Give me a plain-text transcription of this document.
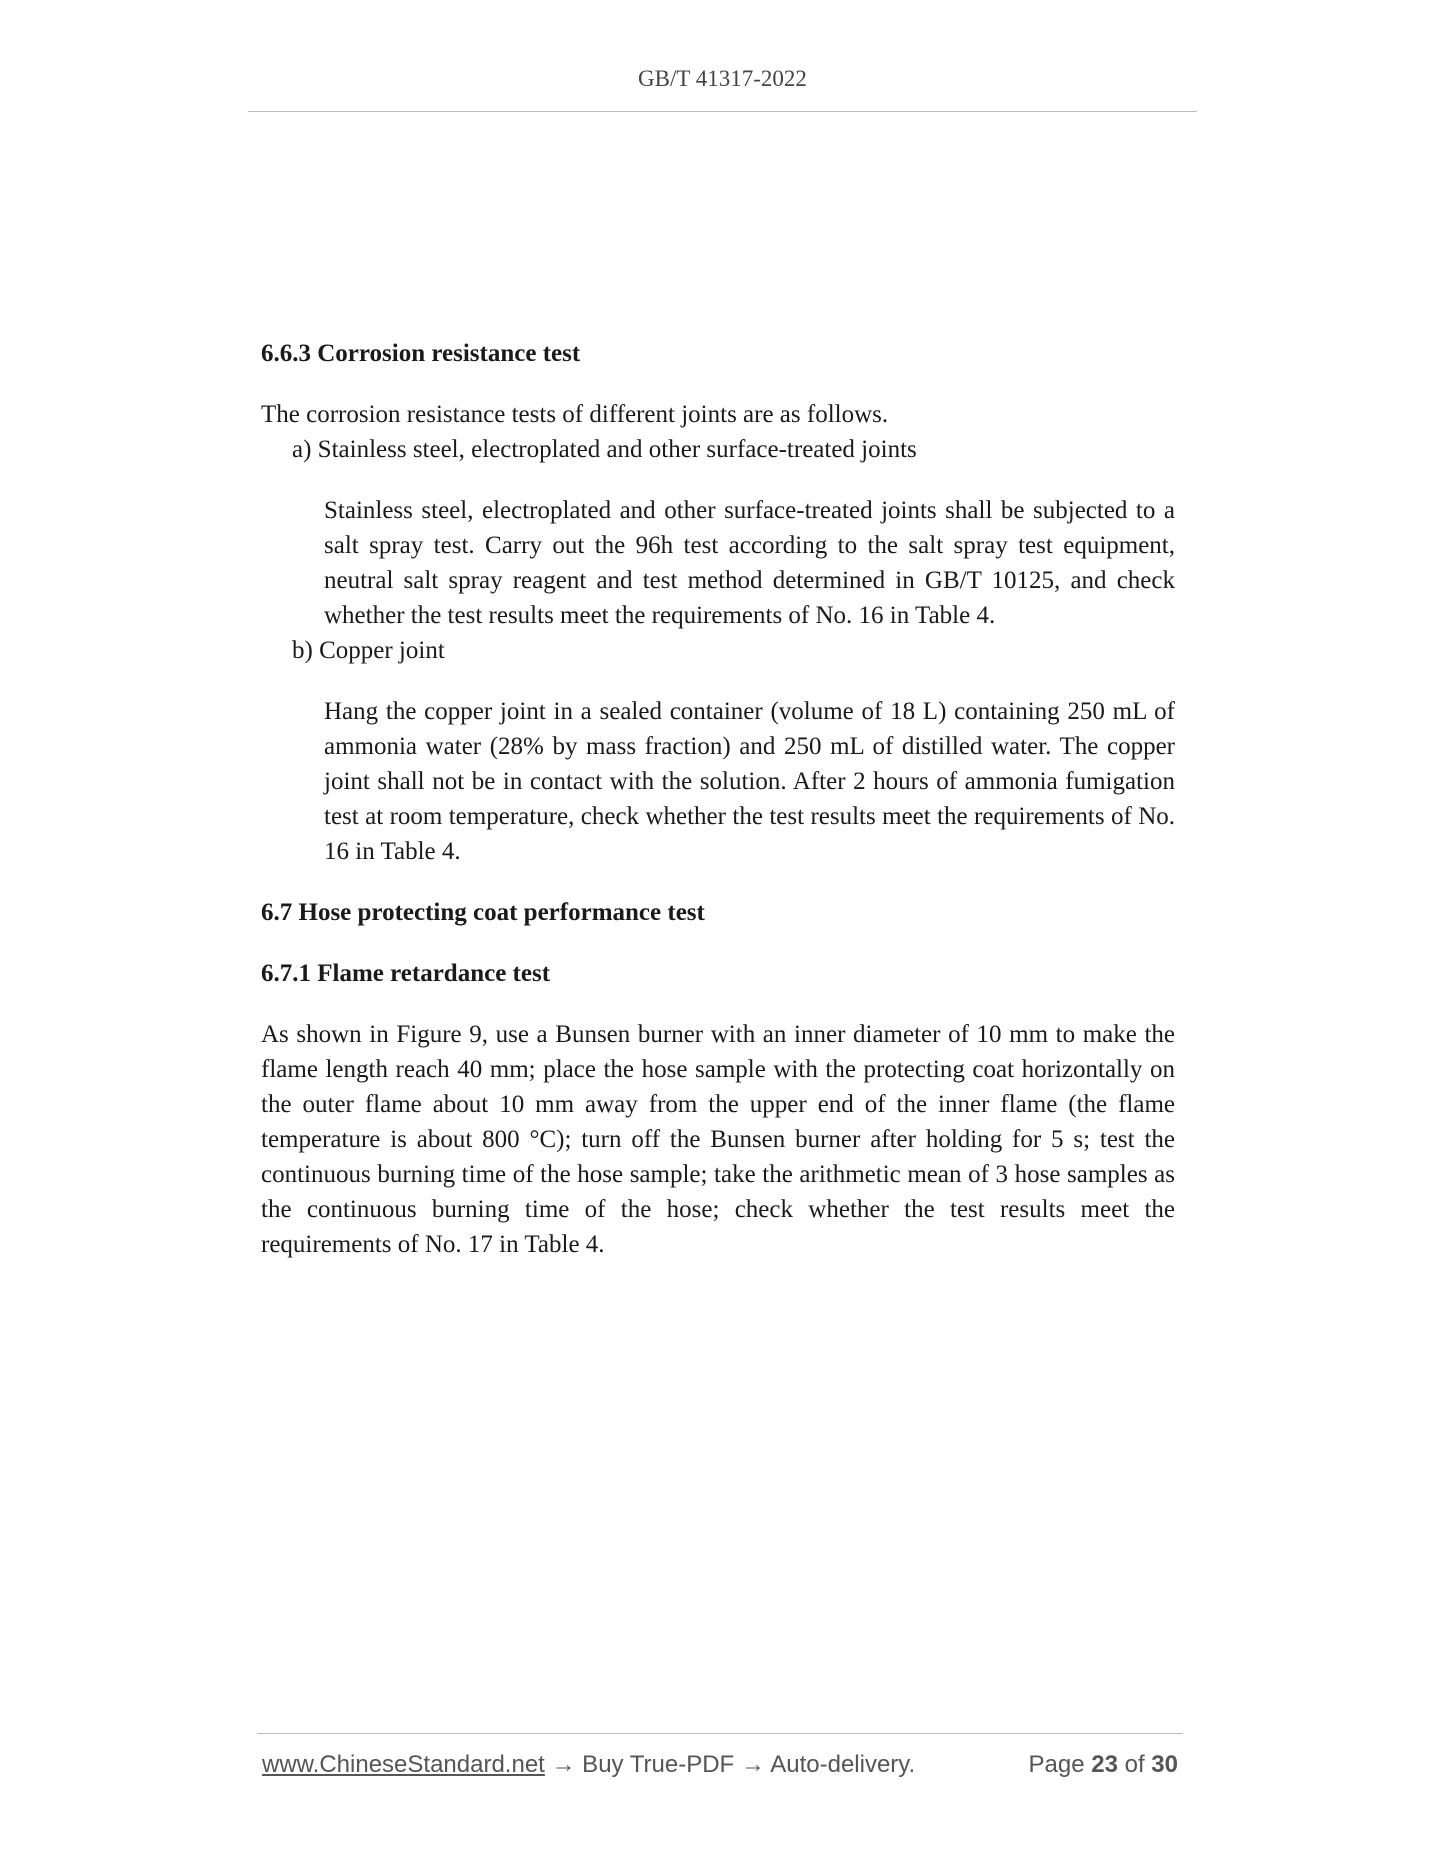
GB/T 41317-2022

6.6.3 Corrosion resistance test

The corrosion resistance tests of different joints are as follows.

a) Stainless steel, electroplated and other surface-treated joints

Stainless steel, electroplated and other surface-treated joints shall be subjected to a salt spray test. Carry out the 96h test according to the salt spray test equipment, neutral salt spray reagent and test method determined in GB/T 10125, and check whether the test results meet the requirements of No. 16 in Table 4.

b) Copper joint

Hang the copper joint in a sealed container (volume of 18 L) containing 250 mL of ammonia water (28% by mass fraction) and 250 mL of distilled water. The copper joint shall not be in contact with the solution. After 2 hours of ammonia fumigation test at room temperature, check whether the test results meet the requirements of No. 16 in Table 4.

6.7 Hose protecting coat performance test

6.7.1 Flame retardance test

As shown in Figure 9, use a Bunsen burner with an inner diameter of 10 mm to make the flame length reach 40 mm; place the hose sample with the protecting coat horizontally on the outer flame about 10 mm away from the upper end of the inner flame (the flame temperature is about 800 °C); turn off the Bunsen burner after holding for 5 s; test the continuous burning time of the hose sample; take the arithmetic mean of 3 hose samples as the continuous burning time of the hose; check whether the test results meet the requirements of No. 17 in Table 4.

www.ChineseStandard.net → Buy True-PDF → Auto-delivery.	Page 23 of 30
